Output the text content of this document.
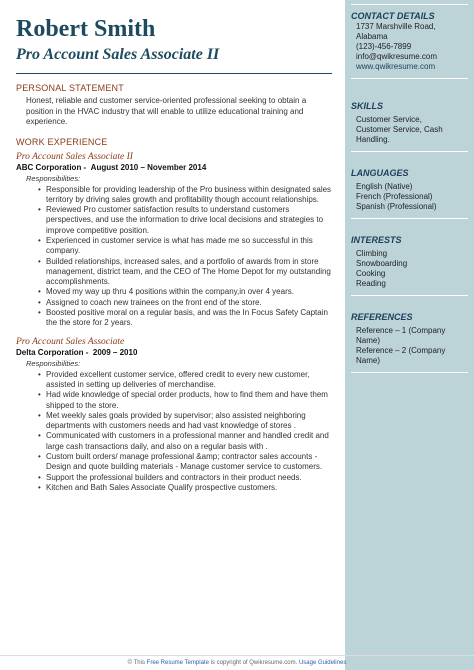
Robert Smith
Pro Account Sales Associate II
PERSONAL STATEMENT

Honest, reliable and customer service-oriented professional seeking to obtain a position in the HVAC industry that will enable to utilize educational training and experience.

WORK EXPERIENCE
Pro Account Sales Associate II
ABC Corporation - August 2010 – November 2014
Responsibilities:
• Responsible for providing leadership of the Pro business within designated sales territory by driving sales growth and profitability though account relationships.
• Reviewed Pro customer satisfaction results to understand customers perspectives, and use the information to drive local decisions and strategies to improve competitive position.
• Experienced in customer service is what has made me so successful in this company.
• Builded relationships, increased sales, and a portfolio of awards from in store management, district team, and the CEO of The Home Depot for my outstanding accomplishments.
• Moved my way up thru 4 positions within the company,in over 4 years.
• Assigned to coach new trainees on the front end of the store.
• Boosted positive moral on a regular basis, and was the In Focus Safety Captain the the store for 2 years.
Pro Account Sales Associate
Delta Corporation - 2009 – 2010
Responsibilities:
• Provided excellent customer service, offered credit to every new customer, assisted in setting up deliveries of merchandise.
• Had wide knowledge of special order products, how to find them and have them shipped to the store.
• Met weekly sales goals provided by supervisor; also assisted neighboring departments with customers needs and had vast knowledge of stores .
• Communicated with customers in a professional manner and handled credit and large cash transactions daily, and also on a regular basis with .
• Custom built orders/ manage professional &amp; contractor sales accounts - Design and quote building materials - Manage customer service to customers.
• Support the professional builders and contractors in their product needs.
• Kitchen and Bath Sales Associate Qualify prospective customers.
CONTACT DETAILS
1737 Marshville Road,
Alabama
(123)-456-7899
info@qwikresume.com
www.qwikresume.com
SKILLS
Customer Service,
Customer Service, Cash
Handling.
LANGUAGES
English (Native)
French (Professional)
Spanish (Professional)
INTERESTS
Climbing
Snowboarding
Cooking
Reading
REFERENCES
Reference – 1 (Company
Name)
Reference – 2 (Company
Name)
© This Free Resume Template is copyright of Qwikresume.com. Usage Guidelines
